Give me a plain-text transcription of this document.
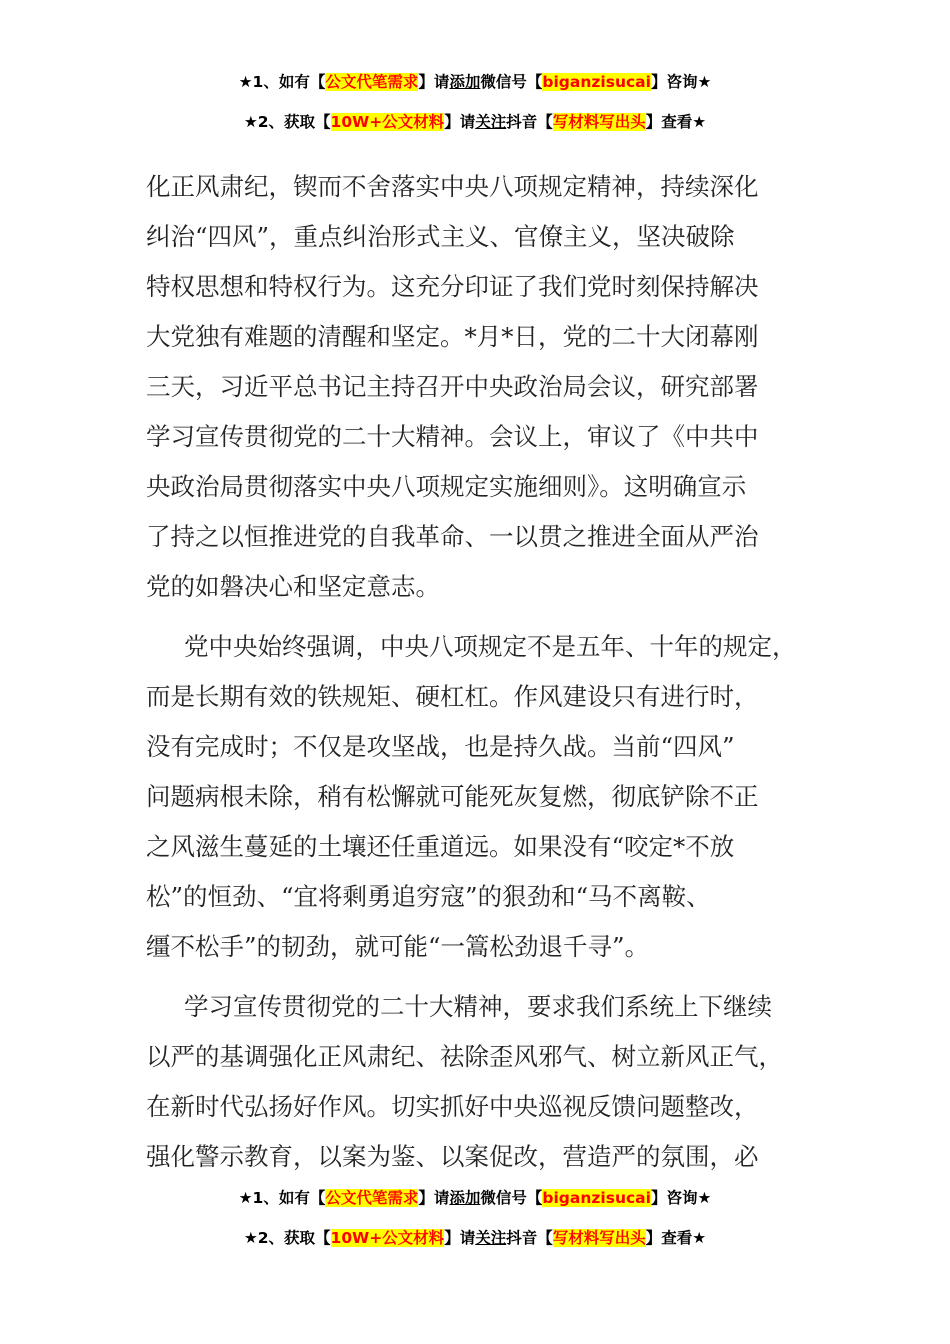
★1、如有【公文代笔需求】请添加微信号【biganzisucai】咨询★
★2、获取【10W+公文材料】请关注抖音【写材料写出头】查看★
化正风肃纪，锲而不舍落实中央八项规定精神，持续深化
纠治“四风”，重点纠治形式主义、官僚主义，坚决破除
特权思想和特权行为。这充分印证了我们党时刻保持解决
大党独有难题的清醒和坚定。*月*日，党的二十大闭幕刚
三天，习近平总书记主持召开中央政治局会议，研究部署
学习宣传贯彻党的二十大精神。会议上，审议了《中共中
央政治局贯彻落实中央八项规定实施细则》。这明确宣示
了持之以恒推进党的自我革命、一以贯之推进全面从严治
党的如磐决心和坚定意志。
党中央始终强调，中央八项规定不是五年、十年的规定，
而是长期有效的铁规矩、硬杠杠。作风建设只有进行时，
没有完成时；不仅是攻坚战，也是持久战。当前“四风”
问题病根未除，稍有松懈就可能死灰复燃，彻底铲除不正
之风滋生蔓延的土壤还任重道远。如果没有“咬定*不放
松”的恒劲、“宜将剩勇追穷寇”的狠劲和“马不离鞍、
缰不松手”的韧劲，就可能“一篙松劲退千寻”。
学习宣传贯彻党的二十大精神，要求我们系统上下继续
以严的基调强化正风肃纪、祛除歪风邪气、树立新风正气，
在新时代弘扬好作风。切实抓好中央巡视反馈问题整改，
强化警示教育，以案为鉴、以案促改，营造严的氛围，必
★1、如有【公文代笔需求】请添加微信号【biganzisucai】咨询★
★2、获取【10W+公文材料】请关注抖音【写材料写出头】查看★
